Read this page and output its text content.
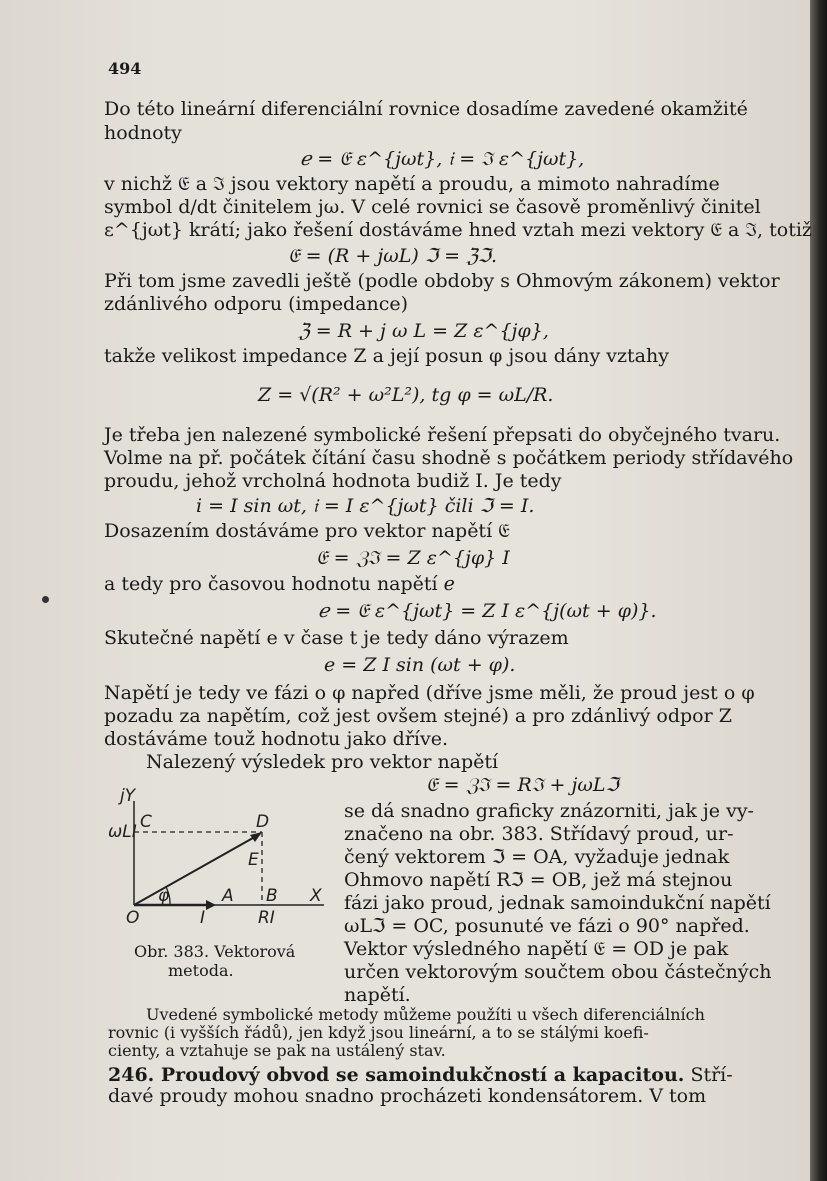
494
Do této lineární diferenciální rovnice dosadíme zavedené okamžité
hodnoty
ℯ = 𝔈 ε^{jωt}, 𝔦 = ℑ ε^{jωt},
v nichž 𝔈 a ℑ jsou vektory napětí a proudu, a mimoto nahradíme
symbol d/dt činitelem jω. V celé rovnici se časově proměnlivý činitel
ε^{jωt} krátí; jako řešení dostáváme hned vztah mezi vektory 𝔈 a ℑ, totiž
𝔈 = (R + jωL) ℑ = ℨℑ.
Při tom jsme zavedli ještě (podle obdoby s Ohmovým zákonem) vektor
zdánlivého odporu (impedance)
ℨ = R + j ω L = Z ε^{jφ},
takže velikost impedance Z a její posun φ jsou dány vztahy
Z = √(R² + ω²L²), tg φ = ωL/R.
Je třeba jen nalezené symbolické řešení přepsati do obyčejného tvaru.
Volme na př. počátek čítání času shodně s počátkem periody střídavého
proudu, jehož vrcholná hodnota budiž I. Je tedy
i = I sin ωt, 𝔦 = I ε^{jωt} čili ℑ = I.
Dosazením dostáváme pro vektor napětí 𝔈
𝔈 = ℨℑ = Z ε^{jφ} I
a tedy pro časovou hodnotu napětí ℯ
ℯ = 𝔈 ε^{jωt} = Z I ε^{j(ωt + φ)}.
Skutečné napětí e v čase t je tedy dáno výrazem
e = Z I sin (ωt + φ).
Napětí je tedy ve fázi o φ napřed (dříve jsme měli, že proud jest o φ
pozadu za napětím, což jest ovšem stejné) a pro zdánlivý odpor Z
dostáváme touž hodnotu jako dříve.
Nalezený výsledek pro vektor napětí
𝔈 = ℨℑ = Rℑ + jωLℑ
se dá snadno graficky znázorniti, jak je vy-
značeno na obr. 383. Střídavý proud, ur-
čený vektorem ℑ = OA, vyžaduje jednak
Ohmovo napětí Rℑ = OB, jež má stejnou
fázi jako proud, jednak samoindukční napětí
ωLℑ = OC, posunuté ve fázi o 90° napřed.
Vektor výsledného napětí 𝔈 = OD je pak
určen vektorovým součtem obou částečných
napětí.
jY
ωLI C	D
E
φ	A B X
O	I	RI
Obr. 383. Vektorová
metoda.
Uvedené symbolické metody můžeme použíti u všech diferenciálních
rovnic (i vyšších řádů), jen když jsou lineární, a to se stálými koefi-
cienty, a vztahuje se pak na ustálený stav.
246. Proudový obvod se samoindukčností a kapacitou. Stří-
davé proudy mohou snadno procházeti kondensátorem. V tom
